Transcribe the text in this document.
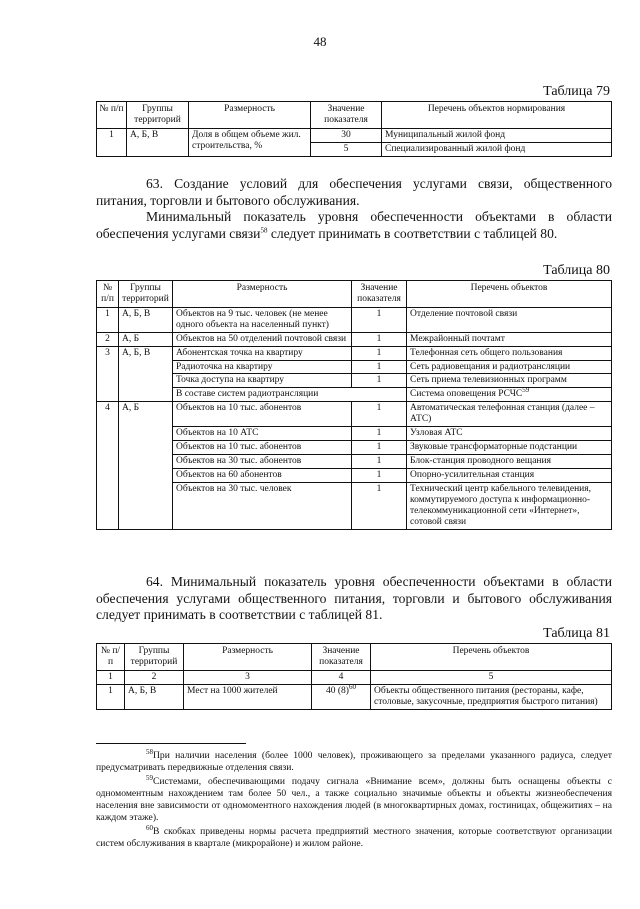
48
Таблица 79
№ п/п	Группы территорий	Размерность	Значение показателя	Перечень объектов нормирования
1	А, Б, В	Доля в общем объеме жил. строительства, %	30	Муниципальный жилой фонд
			5	Специализированный жилой фонд

63. Создание условий для обеспечения услугами связи, общественного питания, торговли и бытового обслуживания.

Минимальный показатель уровня обеспеченности объектами в области обеспечения услугами связи$^{58}$ следует принимать в соответствии с таблицей 80.

Таблица 80
№ п/п	Группы территорий	Размерность	Значение показателя	Перечень объектов
1	А, Б, В	Объектов на 9 тыс. человек (не менее одного объекта на населенный пункт)	1	Отделение почтовой связи
2	А, Б	Объектов на 50 отделений почтовой связи	1	Межрайонный почтамт
3	А, Б, В	Абонентская точка на квартиру	1	Телефонная сеть общего пользования
		Радиоточка на квартиру	1	Сеть радиовещания и радиотрансляции
		Точка доступа на квартиру	1	Сеть приема телевизионных программ
		В составе систем радиотрансляции		Система оповещения РСЧС$^{59}$
4	А, Б	Объектов на 10 тыс. абонентов	1	Автоматическая телефонная станция (далее – АТС)
		Объектов на 10 АТС	1	Узловая АТС
		Объектов на 10 тыс. абонентов	1	Звуковые трансформаторные подстанции
		Объектов на 30 тыс. абонентов	1	Блок-станция проводного вещания
		Объектов на 60 абонентов	1	Опорно-усилительная станция
		Объектов на 30 тыс. человек	1	Технический центр кабельного телевидения, коммутируемого доступа к информационно-телекоммуникационной сети «Интернет», сотовой связи

64. Минимальный показатель уровня обеспеченности объектами в области обеспечения услугами общественного питания, торговли и бытового обслуживания следует принимать в соответствии с таблицей 81.

Таблица 81
№ п/п	Группы территорий	Размерность	Значение показателя	Перечень объектов
1	2	3	4	5
1	А, Б, В	Мест на 1000 жителей	40 $(8)^{60}$	Объекты общественного питания (рестораны, кафе, столовые, закусочные, предприятия быстрого питания)
$^{58}$При наличии населения (более 1000 человек), проживающего за пределами указанного радиуса, следует предусматривать передвижные отделения связи.
$^{59}$Системами, обеспечивающими подачу сигнала «Внимание всем», должны быть оснащены объекты с одномоментным нахождением там более 50 чел., а также социально значимые объекты и объекты жизнеобеспечения населения вне зависимости от одномоментного нахождения людей (в многоквартирных домах, гостиницах, общежитиях – на каждом этаже).
$^{60}$В скобках приведены нормы расчета предприятий местного значения, которые соответствуют организации систем обслуживания в квартале (микрорайоне) и жилом районе.
